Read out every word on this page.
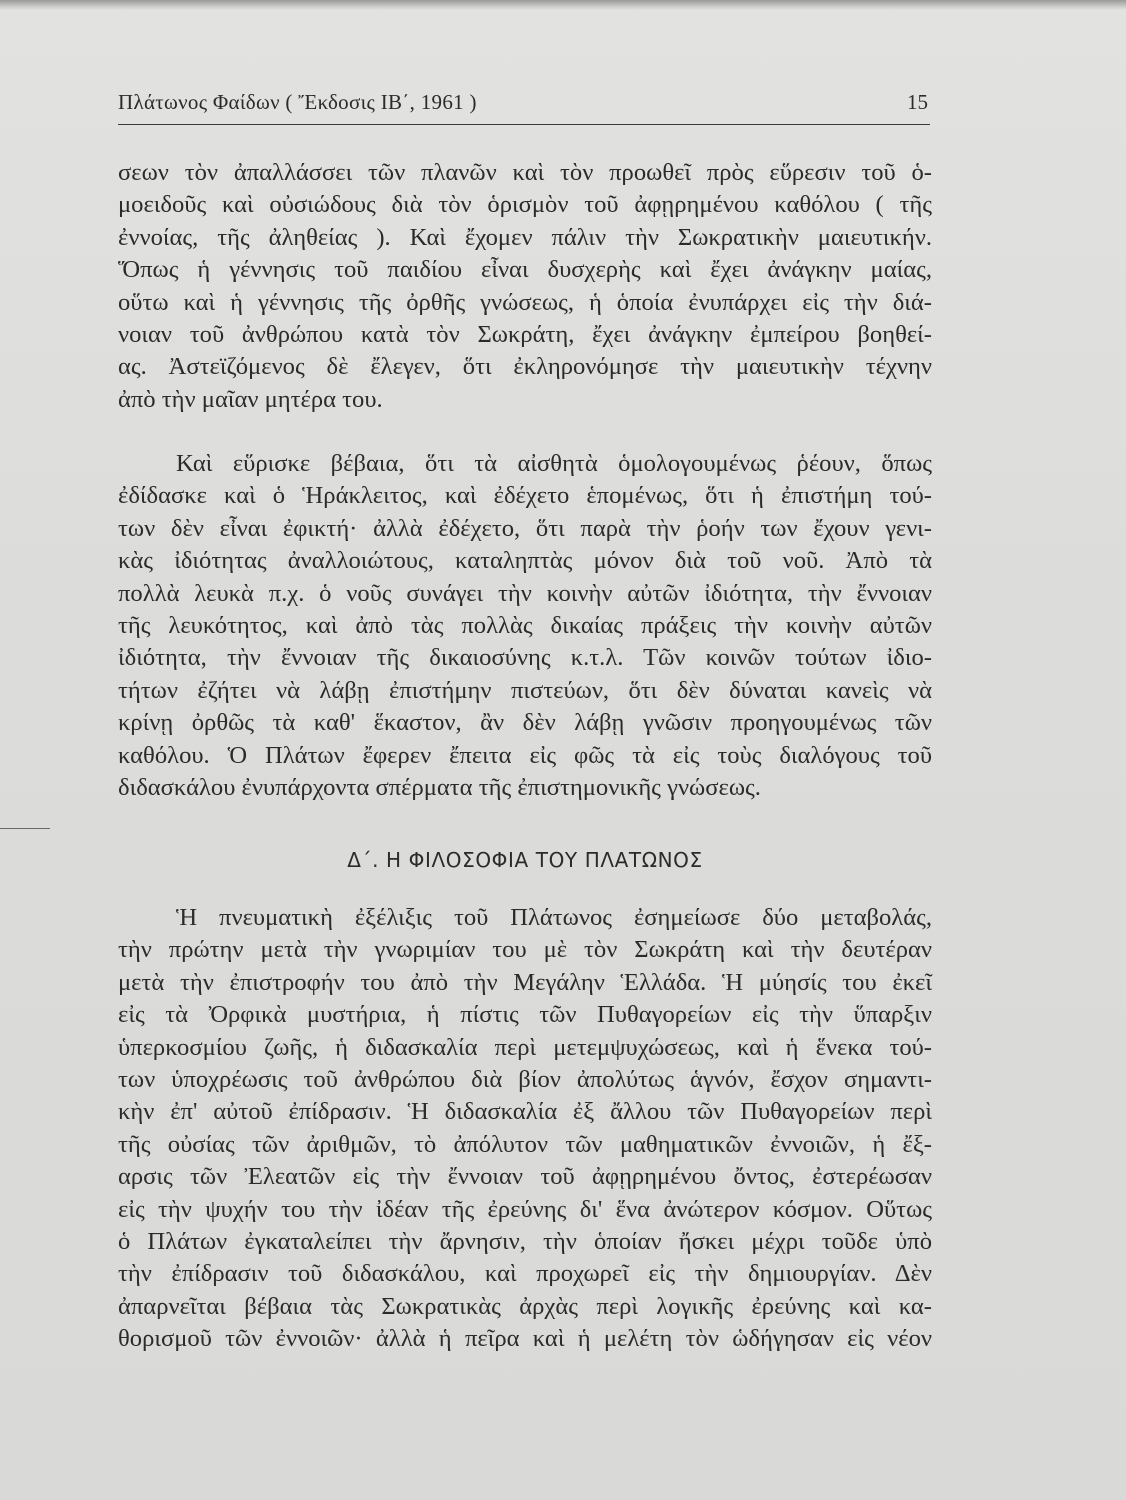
Πλάτωνος Φαίδων ( Ἔκδοσις ΙΒ΄, 1961 )	15
σεων τὸν ἀπαλλάσσει τῶν πλανῶν καὶ τὸν προωθεῖ πρὸς εὕρεσιν τοῦ ὁ-
μοειδοῦς καὶ οὐσιώδους διὰ τὸν ὁρισμὸν τοῦ ἀφῃρημένου καθόλου ( τῆς
ἐννοίας, τῆς ἀληθείας ). Καὶ ἔχομεν πάλιν τὴν Σωκρατικὴν μαιευτικήν.
Ὅπως ἡ γέννησις τοῦ παιδίου εἶναι δυσχερὴς καὶ ἔχει ἀνάγκην μαίας,
οὕτω καὶ ἡ γέννησις τῆς ὀρθῆς γνώσεως, ἡ ὁποία ἐνυπάρχει εἰς τὴν διά-
νοιαν τοῦ ἀνθρώπου κατὰ τὸν Σωκράτη, ἔχει ἀνάγκην ἐμπείρου βοηθεί-
ας. Ἀστεϊζόμενος δὲ ἔλεγεν, ὅτι ἐκληρονόμησε τὴν μαιευτικὴν τέχνην
ἀπὸ τὴν μαῖαν μητέρα του.
Καὶ εὕρισκε βέβαια, ὅτι τὰ αἰσθητὰ ὁμολογουμένως ῥέουν, ὅπως
ἐδίδασκε καὶ ὁ Ἡράκλειτος, καὶ ἐδέχετο ἑπομένως, ὅτι ἡ ἐπιστήμη τού-
των δὲν εἶναι ἐφικτή· ἀλλὰ ἐδέχετο, ὅτι παρὰ τὴν ῥοήν των ἔχουν γενι-
κὰς ἰδιότητας ἀναλλοιώτους, καταληπτὰς μόνον διὰ τοῦ νοῦ. Ἀπὸ τὰ
πολλὰ λευκὰ π.χ. ὁ νοῦς συνάγει τὴν κοινὴν αὐτῶν ἰδιότητα, τὴν ἔννοιαν
τῆς λευκότητος, καὶ ἀπὸ τὰς πολλὰς δικαίας πράξεις τὴν κοινὴν αὐτῶν
ἰδιότητα, τὴν ἔννοιαν τῆς δικαιοσύνης κ.τ.λ. Τῶν κοινῶν τούτων ἰδιο-
τήτων ἐζήτει νὰ λάβῃ ἐπιστήμην πιστεύων, ὅτι δὲν δύναται κανεὶς νὰ
κρίνῃ ὀρθῶς τὰ καθ' ἕκαστον, ἂν δὲν λάβῃ γνῶσιν προηγουμένως τῶν
καθόλου. Ὁ Πλάτων ἔφερεν ἔπειτα εἰς φῶς τὰ εἰς τοὺς διαλόγους τοῦ
διδασκάλου ἐνυπάρχοντα σπέρματα τῆς ἐπιστημονικῆς γνώσεως.
Δ΄. Η ΦΙΛΟΣΟΦΙΑ ΤΟΥ ΠΛΑΤΩΝΟΣ
Ἡ πνευματικὴ ἐξέλιξις τοῦ Πλάτωνος ἐσημείωσε δύο μεταβολάς,
τὴν πρώτην μετὰ τὴν γνωριμίαν του μὲ τὸν Σωκράτη καὶ τὴν δευτέραν
μετὰ τὴν ἐπιστροφήν του ἀπὸ τὴν Μεγάλην Ἑλλάδα. Ἡ μύησίς του ἐκεῖ
εἰς τὰ Ὀρφικὰ μυστήρια, ἡ πίστις τῶν Πυθαγορείων εἰς τὴν ὕπαρξιν
ὑπερκοσμίου ζωῆς, ἡ διδασκαλία περὶ μετεμψυχώσεως, καὶ ἡ ἕνεκα τού-
των ὑποχρέωσις τοῦ ἀνθρώπου διὰ βίον ἀπολύτως ἁγνόν, ἔσχον σημαντι-
κὴν ἐπ' αὐτοῦ ἐπίδρασιν. Ἡ διδασκαλία ἐξ ἄλλου τῶν Πυθαγορείων περὶ
τῆς οὐσίας τῶν ἀριθμῶν, τὸ ἀπόλυτον τῶν μαθηματικῶν ἐννοιῶν, ἡ ἔξ-
αρσις τῶν Ἐλεατῶν εἰς τὴν ἔννοιαν τοῦ ἀφῃρημένου ὄντος, ἐστερέωσαν
εἰς τὴν ψυχήν του τὴν ἰδέαν τῆς ἐρεύνης δι' ἕνα ἀνώτερον κόσμον. Οὕτως
ὁ Πλάτων ἐγκαταλείπει τὴν ἄρνησιν, τὴν ὁποίαν ἤσκει μέχρι τοῦδε ὑπὸ
τὴν ἐπίδρασιν τοῦ διδασκάλου, καὶ προχωρεῖ εἰς τὴν δημιουργίαν. Δὲν
ἀπαρνεῖται βέβαια τὰς Σωκρατικὰς ἀρχὰς περὶ λογικῆς ἐρεύνης καὶ κα-
θορισμοῦ τῶν ἐννοιῶν· ἀλλὰ ἡ πεῖρα καὶ ἡ μελέτη τὸν ὡδήγησαν εἰς νέον
